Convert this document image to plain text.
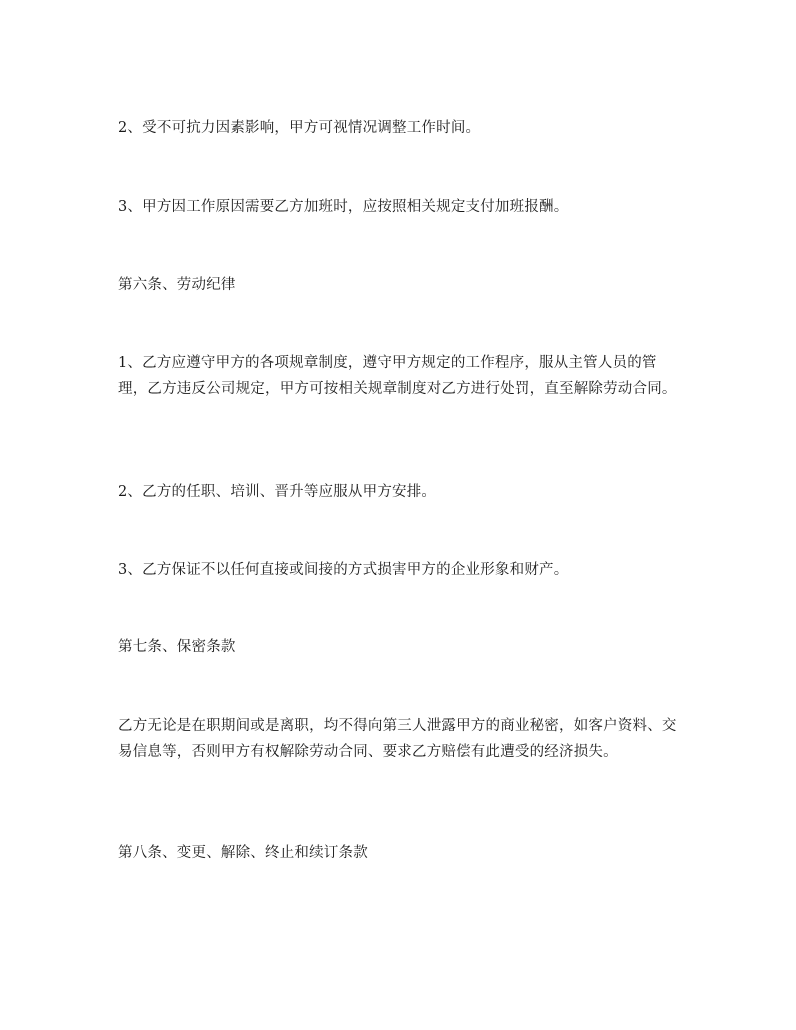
2、受不可抗力因素影响，甲方可视情况调整工作时间。

3、甲方因工作原因需要乙方加班时，应按照相关规定支付加班报酬。

第六条、劳动纪律

1、乙方应遵守甲方的各项规章制度，遵守甲方规定的工作程序，服从主管人员的管理，乙方违反公司规定，甲方可按相关规章制度对乙方进行处罚，直至解除劳动合同。

2、乙方的任职、培训、晋升等应服从甲方安排。

3、乙方保证不以任何直接或间接的方式损害甲方的企业形象和财产。

第七条、保密条款

乙方无论是在职期间或是离职，均不得向第三人泄露甲方的商业秘密，如客户资料、交易信息等，否则甲方有权解除劳动合同、要求乙方赔偿有此遭受的经济损失。

第八条、变更、解除、终止和续订条款
